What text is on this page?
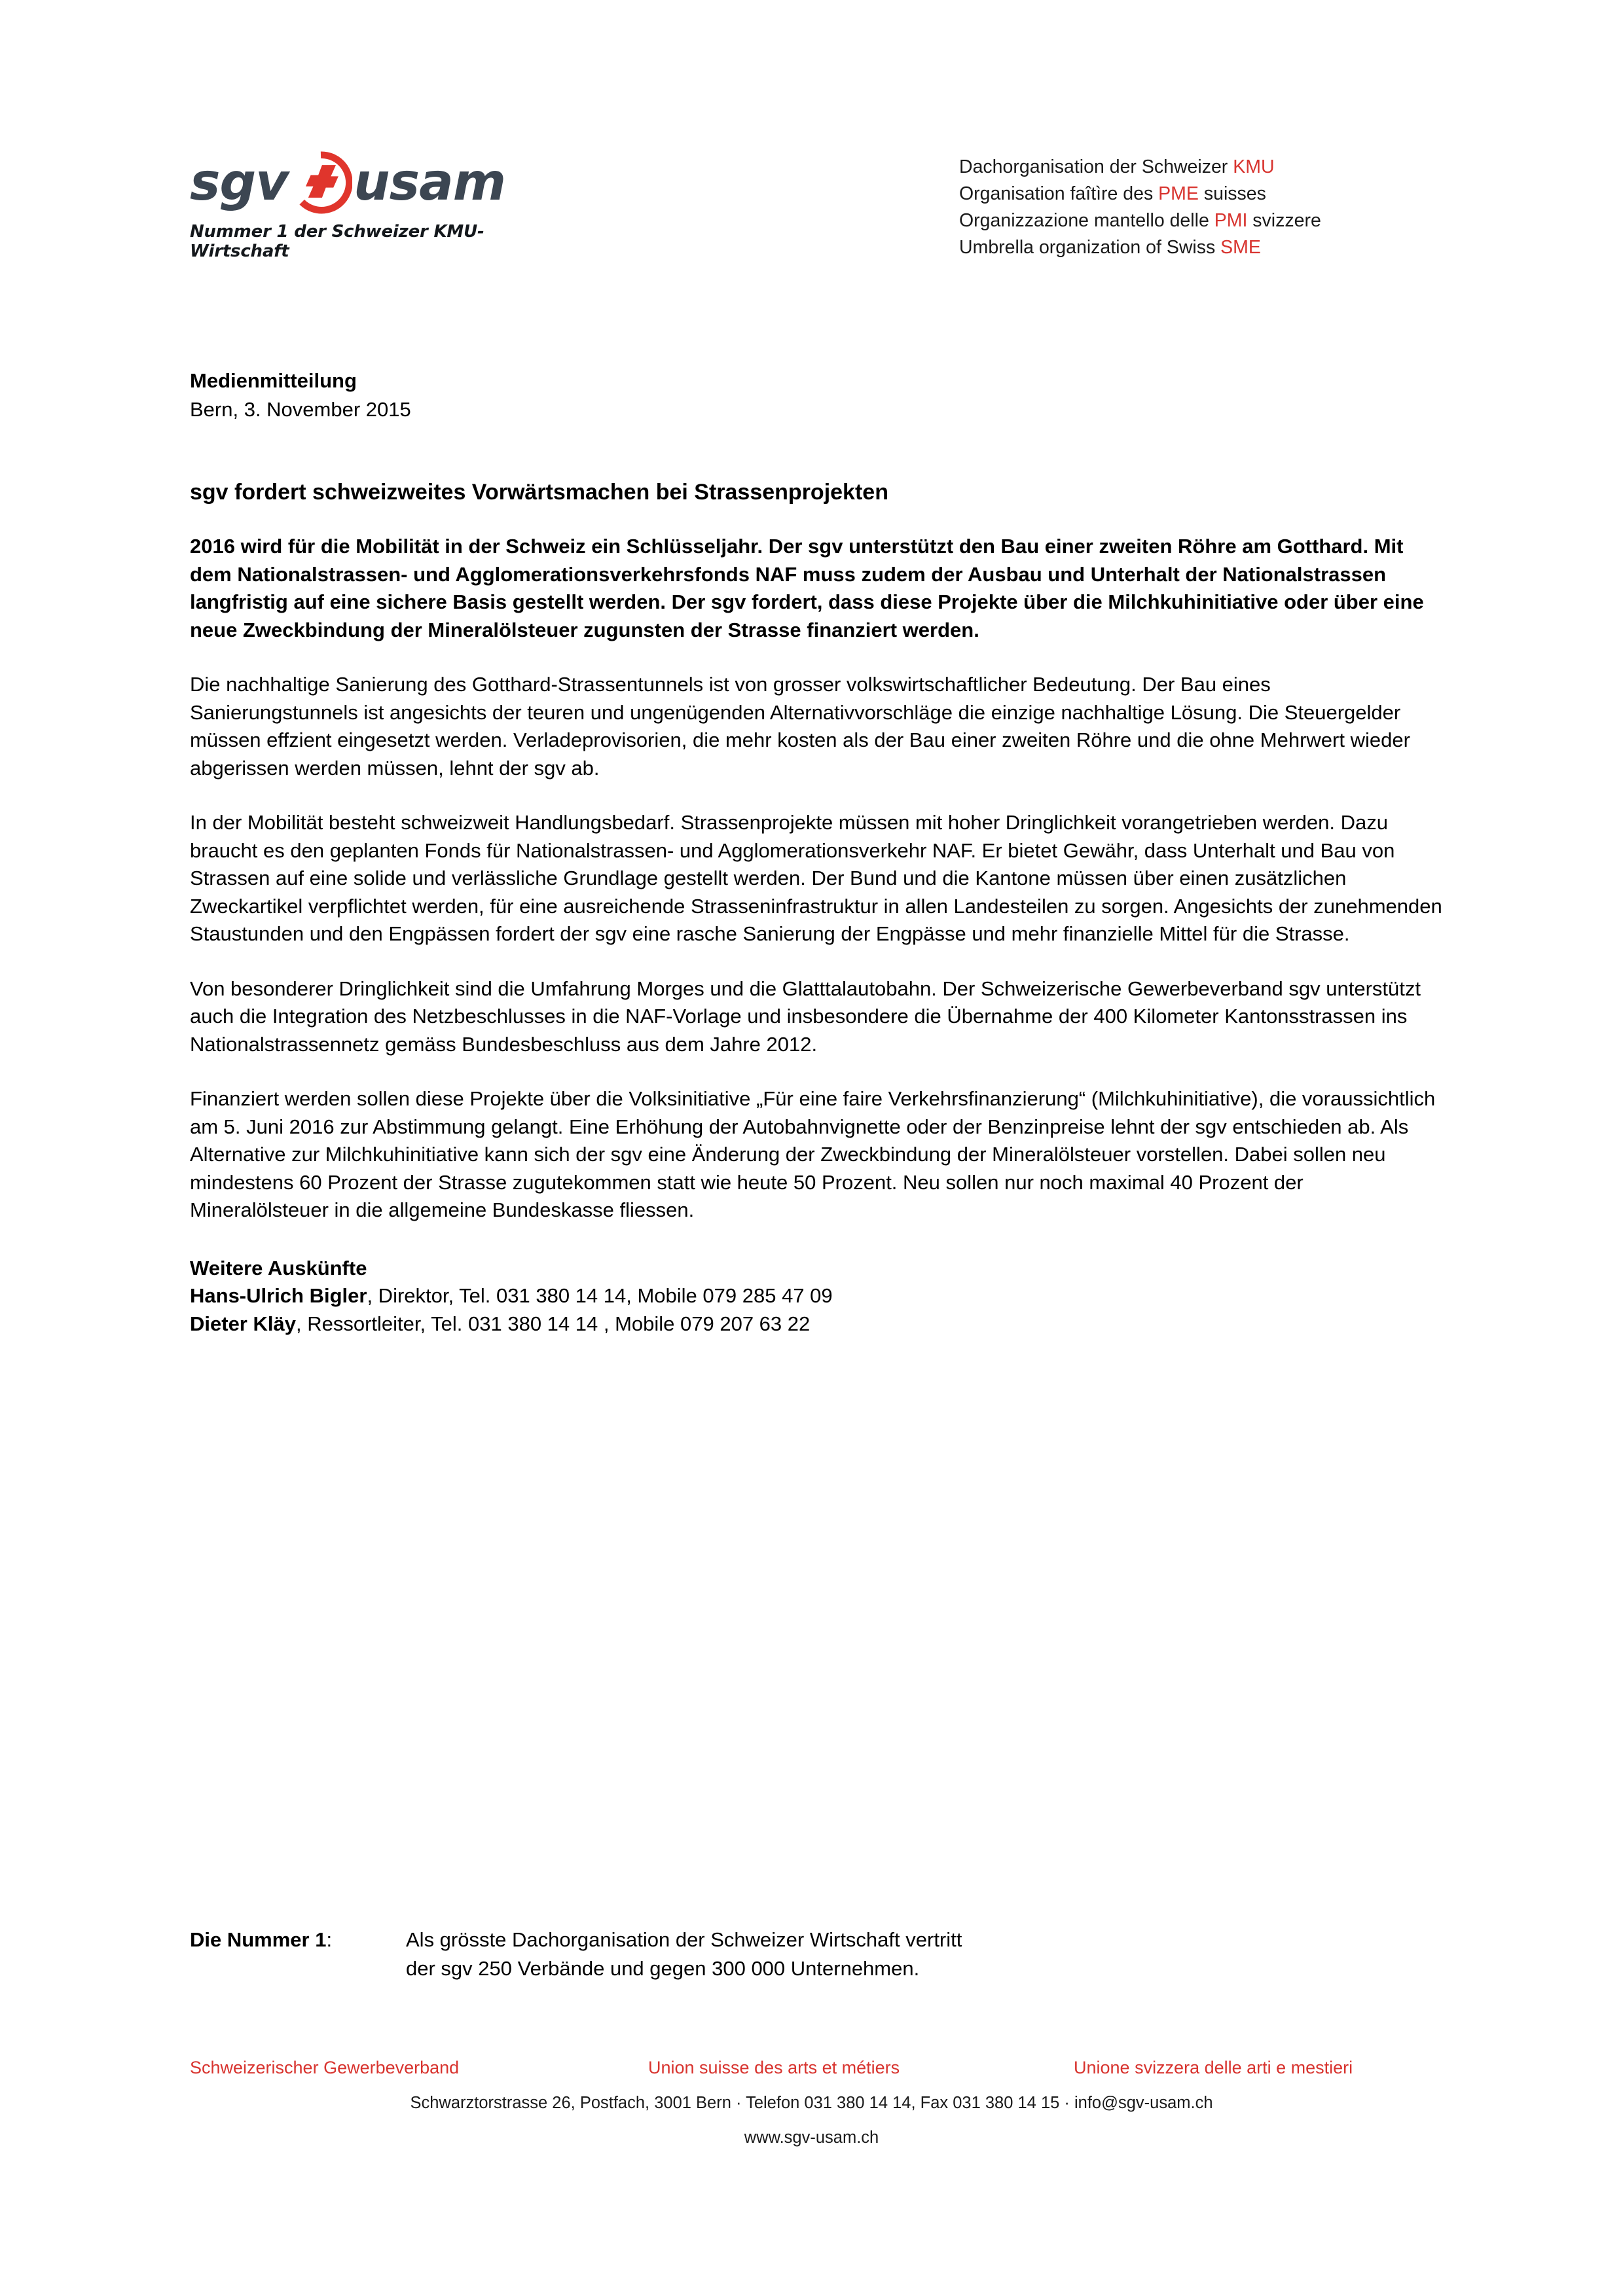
sgv usam
Nummer 1 der Schweizer KMU-Wirtschaft
Dachorganisation der Schweizer KMU
Organisation faîtìre des PME suisses
Organizzazione mantello delle PMI svizzere
Umbrella organization of Swiss SME
Medienmitteilung
Bern, 3. November 2015
sgv fordert schweizweites Vorwärtsmachen bei Strassenprojekten
2016 wird für die Mobilität in der Schweiz ein Schlüsseljahr. Der sgv unterstützt den Bau einer zweiten Röhre am Gotthard. Mit dem Nationalstrassen- und Agglomerationsverkehrsfonds NAF muss zudem der Ausbau und Unterhalt der Nationalstrassen langfristig auf eine sichere Basis gestellt werden. Der sgv fordert, dass diese Projekte über die Milchkuhinitiative oder über eine neue Zweckbindung der Mineralölsteuer zugunsten der Strasse finanziert werden.
Die nachhaltige Sanierung des Gotthard-Strassentunnels ist von grosser volkswirtschaftlicher Bedeutung. Der Bau eines Sanierungstunnels ist angesichts der teuren und ungenügenden Alternativvorschläge die einzige nachhaltige Lösung. Die Steuergelder müssen effzient eingesetzt werden. Verladeprovisorien, die mehr kosten als der Bau einer zweiten Röhre und die ohne Mehrwert wieder abgerissen werden müssen, lehnt der sgv ab.
In der Mobilität besteht schweizweit Handlungsbedarf. Strassenprojekte müssen mit hoher Dringlichkeit vorangetrieben werden. Dazu braucht es den geplanten Fonds für Nationalstrassen- und Agglomerationsverkehr NAF. Er bietet Gewähr, dass Unterhalt und Bau von Strassen auf eine solide und verlässliche Grundlage gestellt werden. Der Bund und die Kantone müssen über einen zusätzlichen Zweckartikel verpflichtet werden, für eine ausreichende Strasseninfrastruktur in allen Landesteilen zu sorgen. Angesichts der zunehmenden Staustunden und den Engpässen fordert der sgv eine rasche Sanierung der Engpässe und mehr finanzielle Mittel für die Strasse.
Von besonderer Dringlichkeit sind die Umfahrung Morges und die Glatttalautobahn. Der Schweizerische Gewerbeverband sgv unterstützt auch die Integration des Netzbeschlusses in die NAF-Vorlage und insbesondere die Übernahme der 400 Kilometer Kantonsstrassen ins Nationalstrassennetz gemäss Bundesbeschluss aus dem Jahre 2012.
Finanziert werden sollen diese Projekte über die Volksinitiative „Für eine faire Verkehrsfinanzierung“ (Milchkuhinitiative), die voraussichtlich am 5. Juni 2016 zur Abstimmung gelangt. Eine Erhöhung der Autobahnvignette oder der Benzinpreise lehnt der sgv entschieden ab. Als Alternative zur Milchkuhinitiative kann sich der sgv eine Änderung der Zweckbindung der Mineralölsteuer vorstellen. Dabei sollen neu mindestens 60 Prozent der Strasse zugutekommen statt wie heute 50 Prozent. Neu sollen nur noch maximal 40 Prozent der Mineralölsteuer in die allgemeine Bundeskasse fliessen.
Weitere Auskünfte
Hans-Ulrich Bigler, Direktor, Tel. 031 380 14 14, Mobile 079 285 47 09
Dieter Kläy, Ressortleiter, Tel. 031 380 14 14 , Mobile 079 207 63 22
Die Nummer 1:	Als grösste Dachorganisation der Schweizer Wirtschaft vertritt
der sgv 250 Verbände und gegen 300 000 Unternehmen.
Schweizerischer Gewerbeverband	Union suisse des arts et métiers	Unione svizzera delle arti e mestieri
Schwarztorstrasse 26, Postfach, 3001 Bern · Telefon 031 380 14 14, Fax 031 380 14 15 · info@sgv-usam.ch
www.sgv-usam.ch
